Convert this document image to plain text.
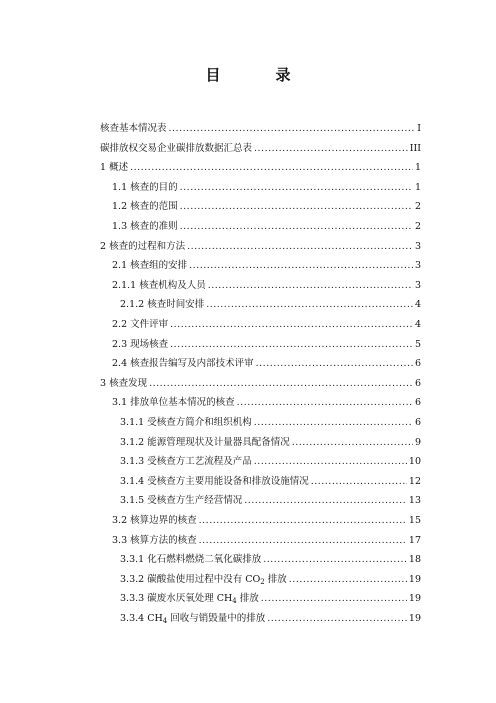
目　录
核查基本情况表 .....	I
碳排放权交易企业碳排放数据汇总表 .....	III
1 概述 .....	1
1.1 核查的目的 .....	1
1.2 核查的范围 .....	2
1.3 核查的准则 .....	2
2 核查的过程和方法 .....	3
2.1 核查组的安排 .....	3
2.1.1 核查机构及人员 .....	3
2.1.2 核查时间安排 .....	4
2.2 文件评审 .....	4
2.3 现场核查 .....	5
2.4 核查报告编写及内部技术评审 .....	6
3 核查发现 .....	6
3.1 排放单位基本情况的核查 .....	6
3.1.1 受核查方简介和组织机构 .....	6
3.1.2 能源管理现状及计量器具配备情况 .....	9
3.1.3 受核查方工艺流程及产品 .....	10
3.1.4 受核查方主要用能设备和排放设施情况 .....	12
3.1.5 受核查方生产经营情况 .....	13
3.2 核算边界的核查 .....	15
3.3 核算方法的核查 .....	17
3.3.1 化石燃料燃烧二氧化碳排放 .....	18
3.3.2 碳酸盐使用过程中没有 $CO_2$ 排放 .....	19
3.3.3 碳废水厌氧处理 $CH_4$ 排放 .....	19
3.3.4 $CH_4$ 回收与销毁量中的排放 .....	19
